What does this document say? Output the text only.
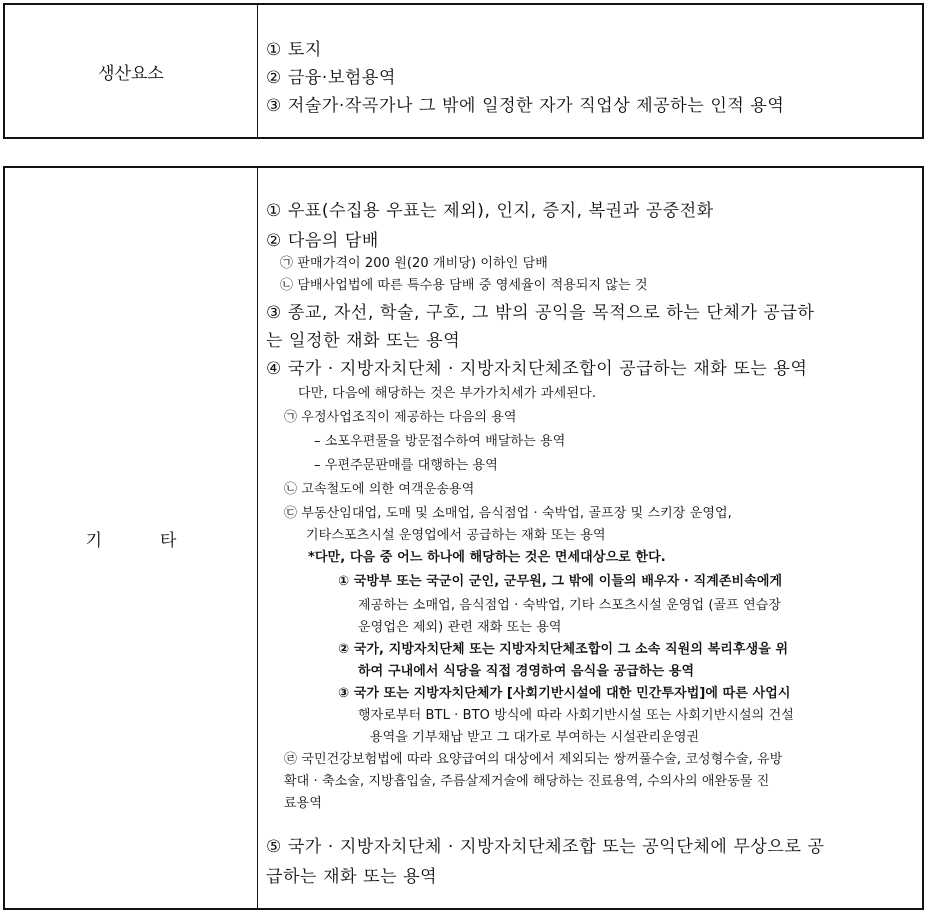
생산요소
① 토지
② 금융·보험용역
③ 저술가·작곡가나 그 밖에 일정한 자가 직업상 제공하는 인적 용역
기	타
① 우표(수집용 우표는 제외), 인지, 증지, 복권과 공중전화
② 다음의 담배
㉠ 판매가격이 200 원(20 개비당) 이하인 담배
㉡ 담배사업법에 따른 특수용 담배 중 영세율이 적용되지 않는 것
③ 종교, 자선, 학술, 구호, 그 밖의 공익을 목적으로 하는 단체가 공급하
는 일정한 재화 또는 용역
④ 국가 · 지방자치단체 · 지방자치단체조합이 공급하는 재화 또는 용역
다만, 다음에 해당하는 것은 부가가치세가 과세된다.
㉠ 우정사업조직이 제공하는 다음의 용역
– 소포우편물을 방문접수하여 배달하는 용역
– 우편주문판매를 대행하는 용역
㉡ 고속철도에 의한 여객운송용역
㉢ 부동산임대업, 도매 및 소매업, 음식점업 · 숙박업, 골프장 및 스키장 운영업,
기타스포츠시설 운영업에서 공급하는 재화 또는 용역
*다만, 다음 중 어느 하나에 해당하는 것은 면세대상으로 한다.
① 국방부 또는 국군이 군인, 군무원, 그 밖에 이들의 배우자 · 직계존비속에게
제공하는 소매업, 음식점업 · 숙박업, 기타 스포츠시설 운영업 (골프 연습장
운영업은 제외) 관련 재화 또는 용역
② 국가, 지방자치단체 또는 지방자치단체조합이 그 소속 직원의 복리후생을 위
하여 구내에서 식당을 직접 경영하여 음식을 공급하는 용역
③ 국가 또는 지방자치단체가 [사회기반시설에 대한 민간투자법]에 따른 사업시
행자로부터 BTL · BTO 방식에 따라 사회기반시설 또는 사회기반시설의 건설
용역을 기부채납 받고 그 대가로 부여하는 시설관리운영권
㉣ 국민건강보험법에 따라 요양급여의 대상에서 제외되는 쌍꺼풀수술, 코성형수술, 유방
확대 · 축소술, 지방흡입술, 주름살제거술에 해당하는 진료용역, 수의사의 애완동물 진
료용역
⑤ 국가 · 지방자치단체 · 지방자치단체조합 또는 공익단체에 무상으로 공
급하는 재화 또는 용역
